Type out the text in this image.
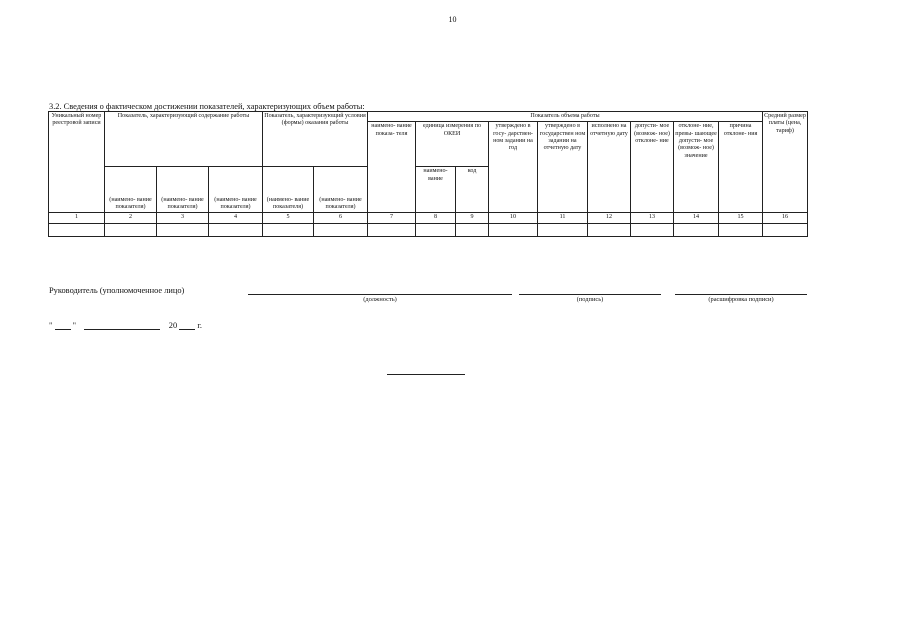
10
3.2. Сведения о фактическом достижении показателей, характеризующих объем работы:
Уникальный номер реестровой записи	Показатель, характеризующий содержание работы			Показатель, характеризующий условия (формы) оказания работы		Показатель объема работы									Средний размер платы (цена, тариф)
						наимено- вание показа- теля	единица измерения по ОКЕИ		утверждено в госу- дарствен- ном задании на год	утверждено в государствен ном задании на отчетную дату	исполнено на отчетную дату	допусти- мое (возмож- ное) отклоне- ние	отклоне- ние, превы- шающее допусти- мое (возмож- ное) значение	причина отклоне- ния	
	(наимено- вание показателя)	(наимено- вание показателя)	(наимено- вание показателя)	(наимено- вание показателя)	(наимено- вание показателя)		наимено- вание	код							
1	2	3	4	5	6	7	8	9	10	11	12	13	14	15	16

Руководитель (уполномоченное лицо)
(должность)	(подпись)	(расшифровка подписи)
" "	20 г.
